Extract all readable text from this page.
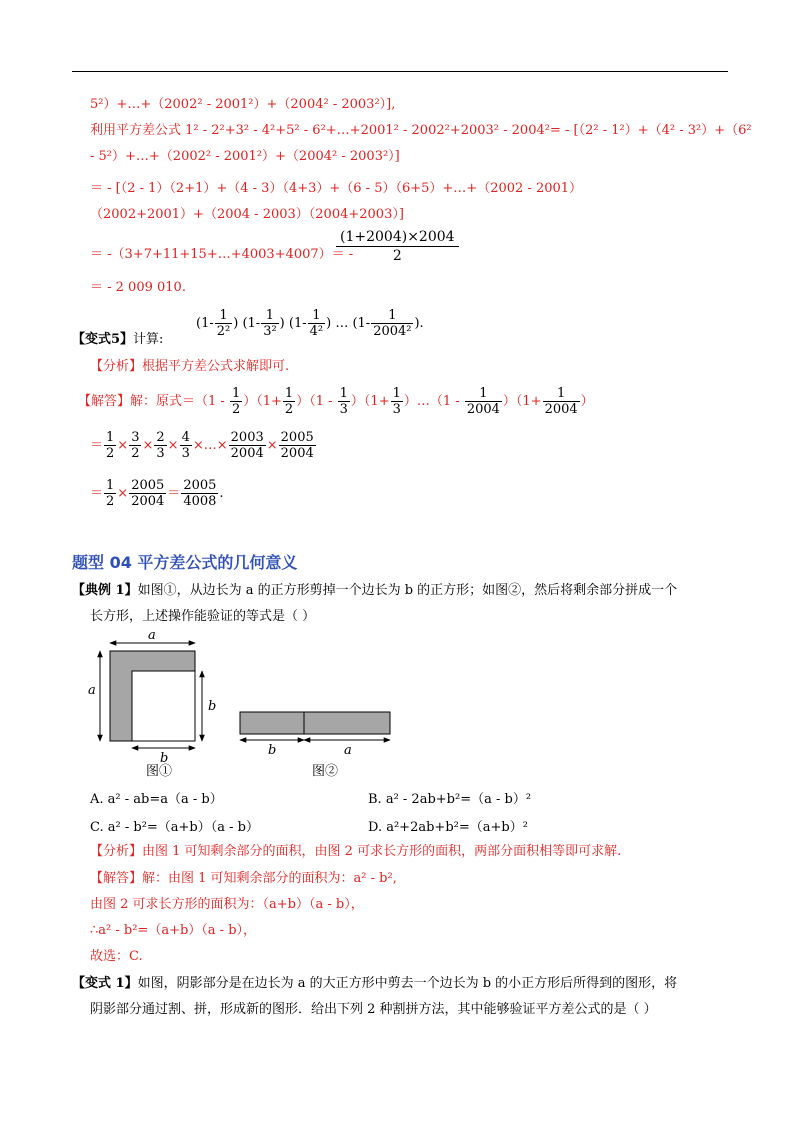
5²）+…+（2002² - 2001²）+（2004² - 2003²）],
利用平方差公式 1² - 2²+3² - 4²+5² - 6²+…+2001² - 2002²+2003² - 2004²= - [（2² - 1²）+（4² - 3²）+（6²
- 5²）+…+（2002² - 2001²）+（2004² - 2003²）]
＝ - [（2 - 1）（2+1）+（4 - 3）（4+3）+（6 - 5）（6+5）+…+（2002 - 2001）
（2002+2001）+（2004 - 2003）（2004+2003）]
＝ -（3+7+11+15+…+4003+4007）＝ -
$\frac{(1+2004)\times 2004}{2}$
＝ - 2 009 010.
【变式5】计算:
($1- \frac{1}{\text{2²}}$ ) ($1- \frac{1}{\text{3²}}$ ) ($1- \frac{1}{\text{4²}}$ ) … ($1- \frac{1}{\text{2004²}}$ ).
【分析】根据平方差公式求解即可.
【解答】解：原式$=(1 - \frac{1}{2} )(1+ \frac{1}{2} )(1 - \frac{1}{3} )(1+ \frac{1}{3}$ ）…（1 - $\frac{1}{2004} )(1+ \frac{1}{2004}$ ）
＝ $\frac{1}{2} \times \frac{3}{2} \times \frac{2}{3} \times \frac{4}{3}$ ×…× $\frac{2003}{2004} \times \frac{2005}{2004}$
＝ $\frac{1}{2} \times \frac{2005}{2004} = \frac{2005}{4008}$ .
题型 04 平方差公式的几何意义
【典例 1】如图①，从边长为 a 的正方形剪掉一个边长为 b 的正方形；如图②，然后将剩余部分拼成一个
长方形，上述操作能验证的等式是（ ）
a
a
b
b
b	a
图①	图②
A. a² - ab=a（a - b）	B. a² - 2ab+b²=（a - b）²
C. a² - b²=（a+b）（a - b）	D. a²+2ab+b²=（a+b）²
【分析】由图 1 可知剩余部分的面积，由图 2 可求长方形的面积，两部分面积相等即可求解.
【解答】解：由图 1 可知剩余部分的面积为：a² - b²,
由图 2 可求长方形的面积为：（a+b）（a - b），
∴a² - b²=（a+b）（a - b），
故选：C.
【变式 1】如图，阴影部分是在边长为 a 的大正方形中剪去一个边长为 b 的小正方形后所得到的图形，将
阴影部分通过割、拼，形成新的图形．给出下列 2 种割拼方法，其中能够验证平方差公式的是（ ）
